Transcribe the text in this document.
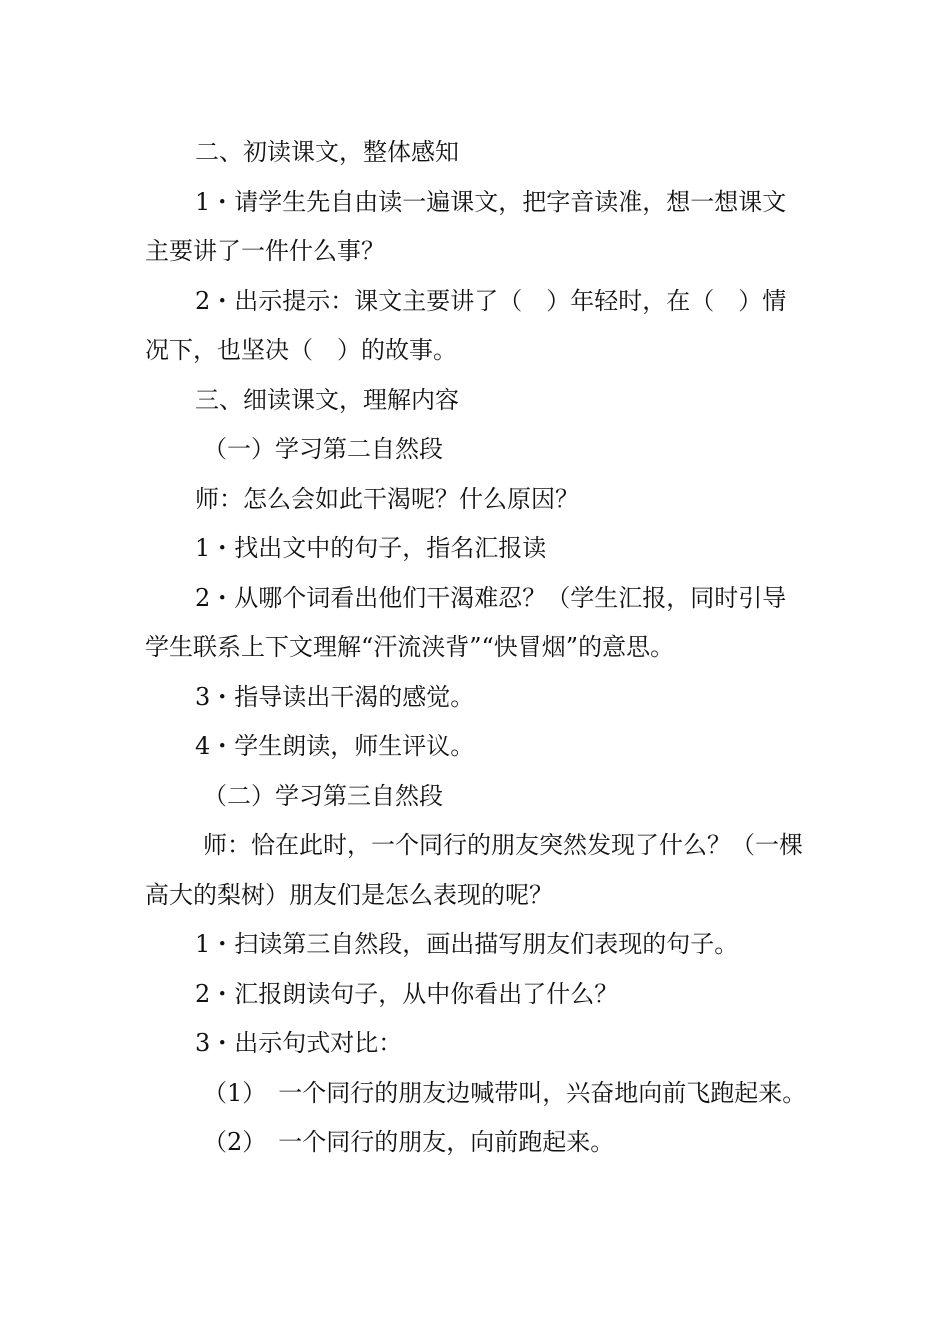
二、初读课文，整体感知

1・请学生先自由读一遍课文，把字音读准，想一想课文主要讲了一件什么事？

2・出示提示：课文主要讲了（　）年轻时，在（　）情况下，也坚决（　）的故事。

三、细读课文，理解内容

（一）学习第二自然段

师：怎么会如此干渴呢？什么原因？

1・找出文中的句子，指名汇报读

2・从哪个词看出他们干渴难忍？（学生汇报，同时引导学生联系上下文理解“汗流浃背”“快冒烟”的意思。

3・指导读出干渴的感觉。

4・学生朗读，师生评议。

（二）学习第三自然段

师：恰在此时，一个同行的朋友突然发现了什么？（一棵高大的梨树）朋友们是怎么表现的呢？

1・扫读第三自然段，画出描写朋友们表现的句子。

2・汇报朗读句子，从中你看出了什么？

3・出示句式对比：

（1）　一个同行的朋友边喊带叫，兴奋地向前飞跑起来。

（2）　一个同行的朋友，向前跑起来。
